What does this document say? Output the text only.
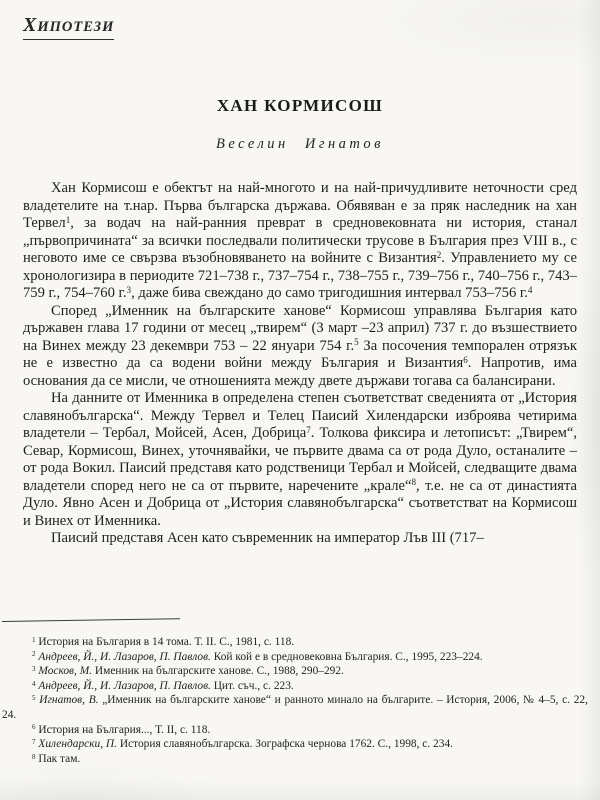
ХИПОТЕЗИ
ХАН КОРМИСОШ
Веселин Игнатов

Хан Кормисош е обектът на най-многото и на най-причудливите неточности сред владетелите на т.нар. Първа българска държава. Обявяван е за пряк наследник на хан Тервел$^1$, за водач на най-ранния преврат в средновековната ни история, станал „първопричината“ за всички последвали политически трусове в България през VIII в., с неговото име се свързва възобновяването на войните с Византия$^2$. Управлението му се хронологизира в периодите 721–738 г., 737–754 г., 738–755 г., 739–756 г., 740–756 г., 743–759 г., 754–760 г.$^3$, даже бива свеждано до само тригодишния интервал 753–756 г.$^4$

Според „Именник на българските ханове“ Кормисош управлява България като държавен глава 17 години от месец „твирем“ (3 март –23 април) 737 г. до възшествието на Винех между 23 декември 753 – 22 януари 754 г.$^5$ За посочения темпорален отрязък не е известно да са водени войни между България и Византия$^6$. Напротив, има основания да се мисли, че отношенията между двете държави тогава са балансирани.

На данните от Именника в определена степен съответстват сведенията от „История славянобългарска“. Между Тервел и Телец Паисий Хилендарски изброява четирима владетели – Тербал, Мойсей, Асен, Добрица$^7$. Толкова фиксира и летописът: „Твирем“, Севар, Кормисош, Винех, уточнявайки, че първите двама са от рода Дуло, останалите – от рода Вокил. Паисий представя като родственици Тербал и Мойсей, следващите двама владетели според него не са от първите, наречените „крале“$^8$, т.е. не са от династията Дуло. Явно Асен и Добрица от „История славянобългарска“ съответстват на Кормисош и Винех от Именника.

Паисий представя Асен като съвременник на император Лъв III (717–

$^1$ История на България в 14 тома. Т. II. С., 1981, с. 118.

$^2$ Андреев, Й., И. Лазаров, П. Павлов. Кой кой е в средновековна България. С., 1995, 223–224.

$^3$ Москов, М. Именник на българските ханове. С., 1988, 290–292.

$^4$ Андреев, Й., И. Лазаров, П. Павлов. Цит. съч., с. 223.

$^5$ Игнатов, В. „Именник на българските ханове“ и ранното минало на българите. – История, 2006, № 4–5, с. 22, 24.

$^6$ История на България..., Т. II, с. 118.

$^7$ Хилендарски, П. История славянобългарска. Зографска чернова 1762. С., 1998, с. 234.

$^8$ Пак там.
